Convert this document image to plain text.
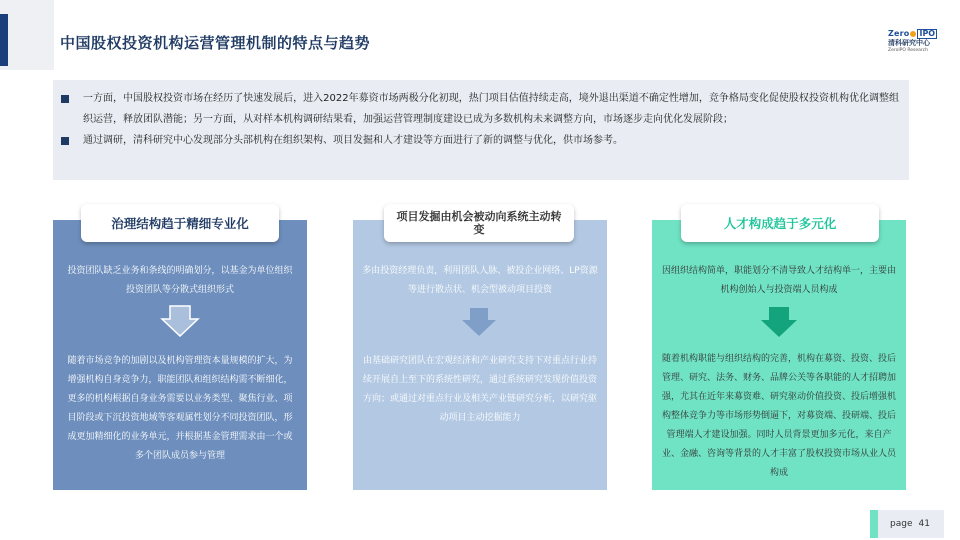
中国股权投资机构运营管理机制的特点与趋势
Zero IPO
清科研究中心
ZeroIPO Research
一方面，中国股权投资市场在经历了快速发展后，进入2022年募资市场两极分化初现，热门项目估值持续走高，境外退出渠道不确定性增加，竞争格局变化促使股权投资机构优化调整组织运营，释放团队潜能；另一方面，从对样本机构调研结果看，加强运营管理制度建设已成为多数机构未来调整方向，市场逐步走向优化发展阶段；
通过调研，清科研究中心发现部分头部机构在组织架构、项目发掘和人才建设等方面进行了新的调整与优化，供市场参考。
治理结构趋于精细专业化	项目发掘由机会被动向系统主动转变	人才构成趋于多元化
投资团队缺乏业务和条线的明确划分，以基金为单位组织投资团队等分散式组织形式
随着市场竞争的加剧以及机构管理资本量规模的扩大，为增强机构自身竞争力，职能团队和组织结构需不断细化，更多的机构根据自身业务需要以业务类型、聚焦行业、项目阶段或下沉投资地域等客观属性划分不同投资团队，形成更加精细化的业务单元，并根据基金管理需求由一个或多个团队成员参与管理
多由投资经理负责，利用团队人脉、被投企业网络、LP资源等进行散点状、机会型被动项目投资
由基础研究团队在宏观经济和产业研究支持下对重点行业持续开展自上至下的系统性研究，通过系统研究发现价值投资方向；或通过对重点行业及相关产业链研究分析，以研究驱动项目主动挖掘能力
因组织结构简单，职能划分不清导致人才结构单一，主要由机构创始人与投资端人员构成
随着机构职能与组织结构的完善，机构在募资、投资、投后管理、研究、法务、财务、品牌公关等各职能的人才招聘加强，尤其在近年来募资难、研究驱动价值投资、投后增强机构整体竞争力等市场形势倒逼下，对募资端、投研端、投后管理端人才建设加强。同时人员背景更加多元化，来自产业、金融、咨询等背景的人才丰富了股权投资市场从业人员构成
page 41
